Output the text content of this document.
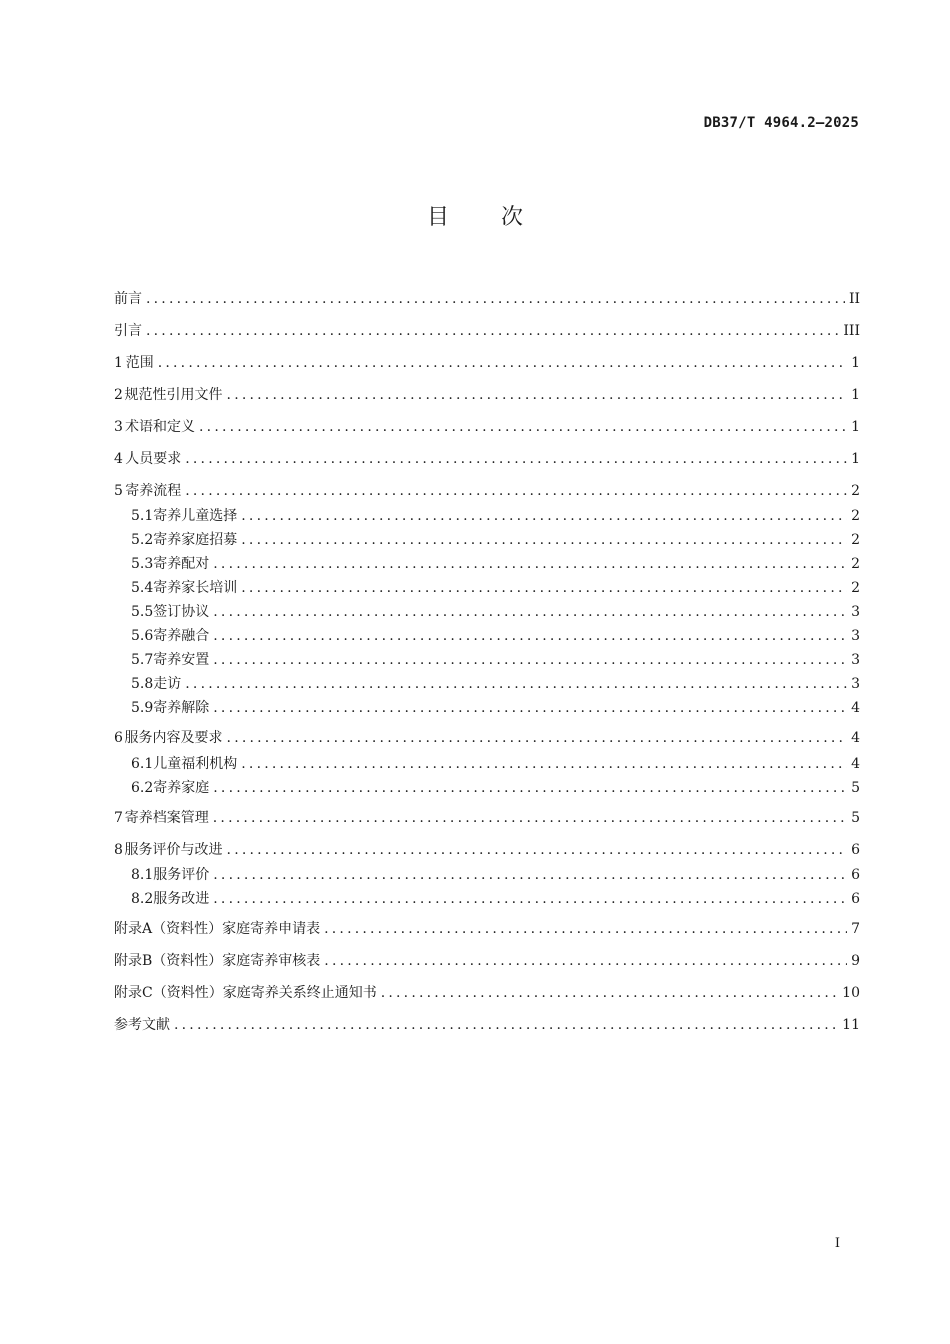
DB37/T 4964.2—2025
目次
前言 .....	II
引言 .....	III
1 范围 .....	1
2 规范性引用文件 .....	1
3 术语和定义 .....	1
4 人员要求 .....	1
5 寄养流程 .....	2
5.1 寄养儿童选择 .....	2
5.2 寄养家庭招募 .....	2
5.3 寄养配对 .....	2
5.4 寄养家长培训 .....	2
5.5 签订协议 .....	3
5.6 寄养融合 .....	3
5.7 寄养安置 .....	3
5.8 走访 .....	3
5.9 寄养解除 .....	4
6 服务内容及要求 .....	4
6.1 儿童福利机构 .....	4
6.2 寄养家庭 .....	5
7 寄养档案管理 .....	5
8 服务评价与改进 .....	6
8.1 服务评价 .....	6
8.2 服务改进 .....	6
附录A（资料性） 家庭寄养申请表 .....	7
附录B（资料性） 家庭寄养审核表 .....	9
附录C（资料性） 家庭寄养关系终止通知书 .....	10
参考文献 .....	11
I
